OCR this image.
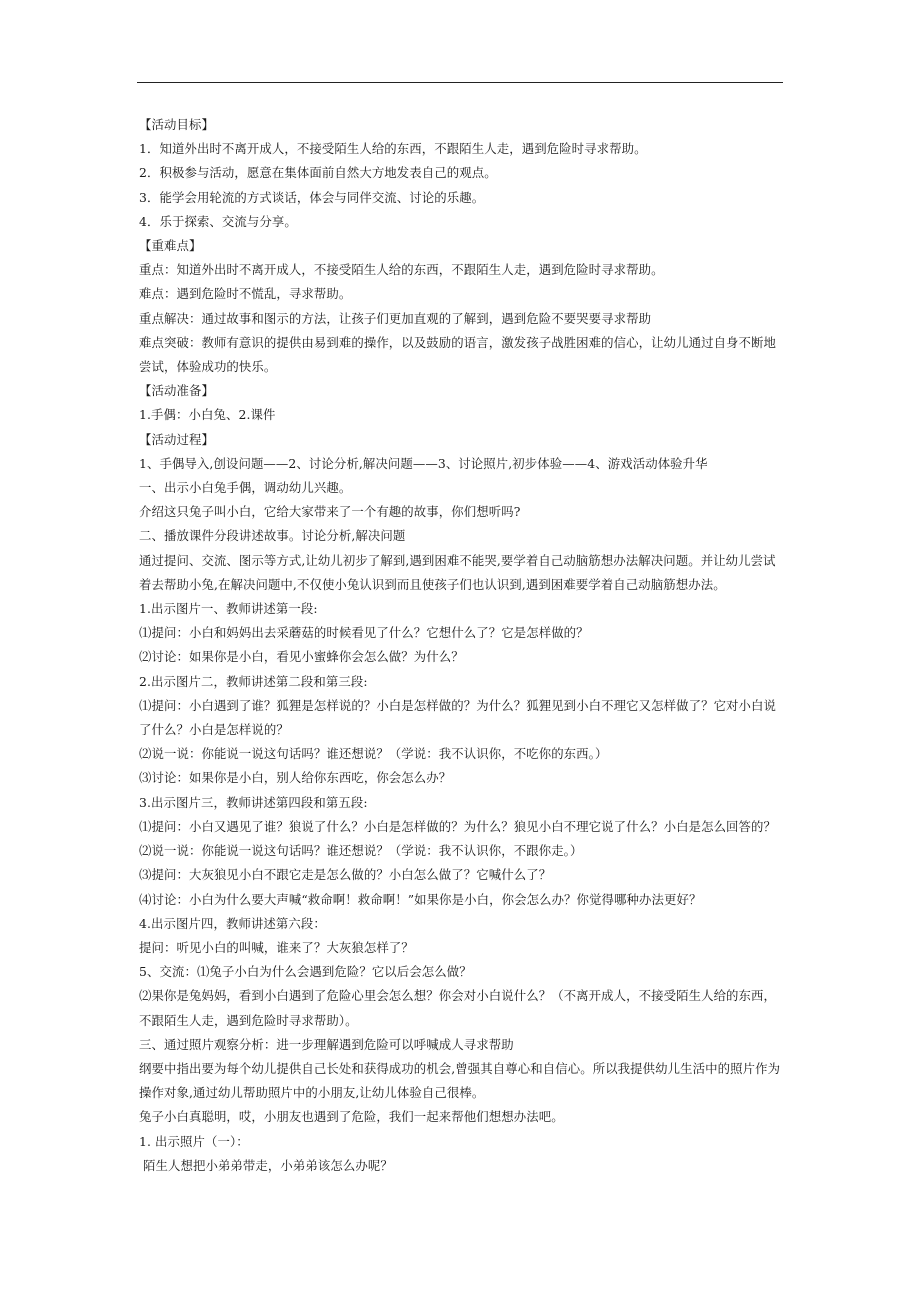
【活动目标】
1．知道外出时不离开成人，不接受陌生人给的东西，不跟陌生人走，遇到危险时寻求帮助。
2．积极参与活动，愿意在集体面前自然大方地发表自己的观点。
3．能学会用轮流的方式谈话，体会与同伴交流、讨论的乐趣。
4．乐于探索、交流与分享。
【重难点】
重点：知道外出时不离开成人，不接受陌生人给的东西，不跟陌生人走，遇到危险时寻求帮助。
难点：遇到危险时不慌乱，寻求帮助。
重点解决：通过故事和图示的方法，让孩子们更加直观的了解到，遇到危险不要哭要寻求帮助
难点突破：教师有意识的提供由易到难的操作，以及鼓励的语言，激发孩子战胜困难的信心，让幼儿通过自身不断地尝试，体验成功的快乐。
【活动准备】
1.手偶：小白兔、2.课件
【活动过程】
1、手偶导入,创设问题——2、讨论分析,解决问题——3、讨论照片,初步体验——4、游戏活动体验升华
一、出示小白兔手偶，调动幼儿兴趣。
介绍这只兔子叫小白，它给大家带来了一个有趣的故事，你们想听吗?
二、播放课件分段讲述故事。讨论分析,解决问题
通过提问、交流、图示等方式,让幼儿初步了解到,遇到困难不能哭,要学着自己动脑筋想办法解决问题。并让幼儿尝试着去帮助小兔,在解决问题中,不仅使小兔认识到而且使孩子们也认识到,遇到困难要学着自己动脑筋想办法。
1.出示图片一、教师讲述第一段:
⑴提问：小白和妈妈出去采蘑菇的时候看见了什么？它想什么了？它是怎样做的？
⑵讨论：如果你是小白，看见小蜜蜂你会怎么做？为什么？
2.出示图片二，教师讲述第二段和第三段:
⑴提问：小白遇到了谁？狐狸是怎样说的？小白是怎样做的？为什么？狐狸见到小白不理它又怎样做了？它对小白说了什么？小白是怎样说的？
⑵说一说：你能说一说这句话吗？谁还想说？（学说：我不认识你，不吃你的东西。）
⑶讨论：如果你是小白，别人给你东西吃，你会怎么办？
3.出示图片三，教师讲述第四段和第五段:
⑴提问：小白又遇见了谁？狼说了什么？小白是怎样做的？为什么？狼见小白不理它说了什么？小白是怎么回答的？
⑵说一说：你能说一说这句话吗？谁还想说？（学说：我不认识你，不跟你走。）
⑶提问：大灰狼见小白不跟它走是怎么做的？小白怎么做了？它喊什么了？
⑷讨论：小白为什么要大声喊“救命啊！救命啊！”如果你是小白，你会怎么办？你觉得哪种办法更好？
4.出示图片四，教师讲述第六段：
提问：听见小白的叫喊，谁来了？大灰狼怎样了？
5、交流：⑴兔子小白为什么会遇到危险？它以后会怎么做？
⑵果你是兔妈妈，看到小白遇到了危险心里会怎么想？你会对小白说什么？（不离开成人，不接受陌生人给的东西，不跟陌生人走，遇到危险时寻求帮助）。
三、通过照片观察分析：进一步理解遇到危险可以呼喊成人寻求帮助
纲要中指出要为每个幼儿提供自己长处和获得成功的机会,曾强其自尊心和自信心。所以我提供幼儿生活中的照片作为操作对象,通过幼儿帮助照片中的小朋友,让幼儿体验自己很棒。
兔子小白真聪明，哎，小朋友也遇到了危险，我们一起来帮他们想想办法吧。
1. 出示照片（一）：
陌生人想把小弟弟带走，小弟弟该怎么办呢？
